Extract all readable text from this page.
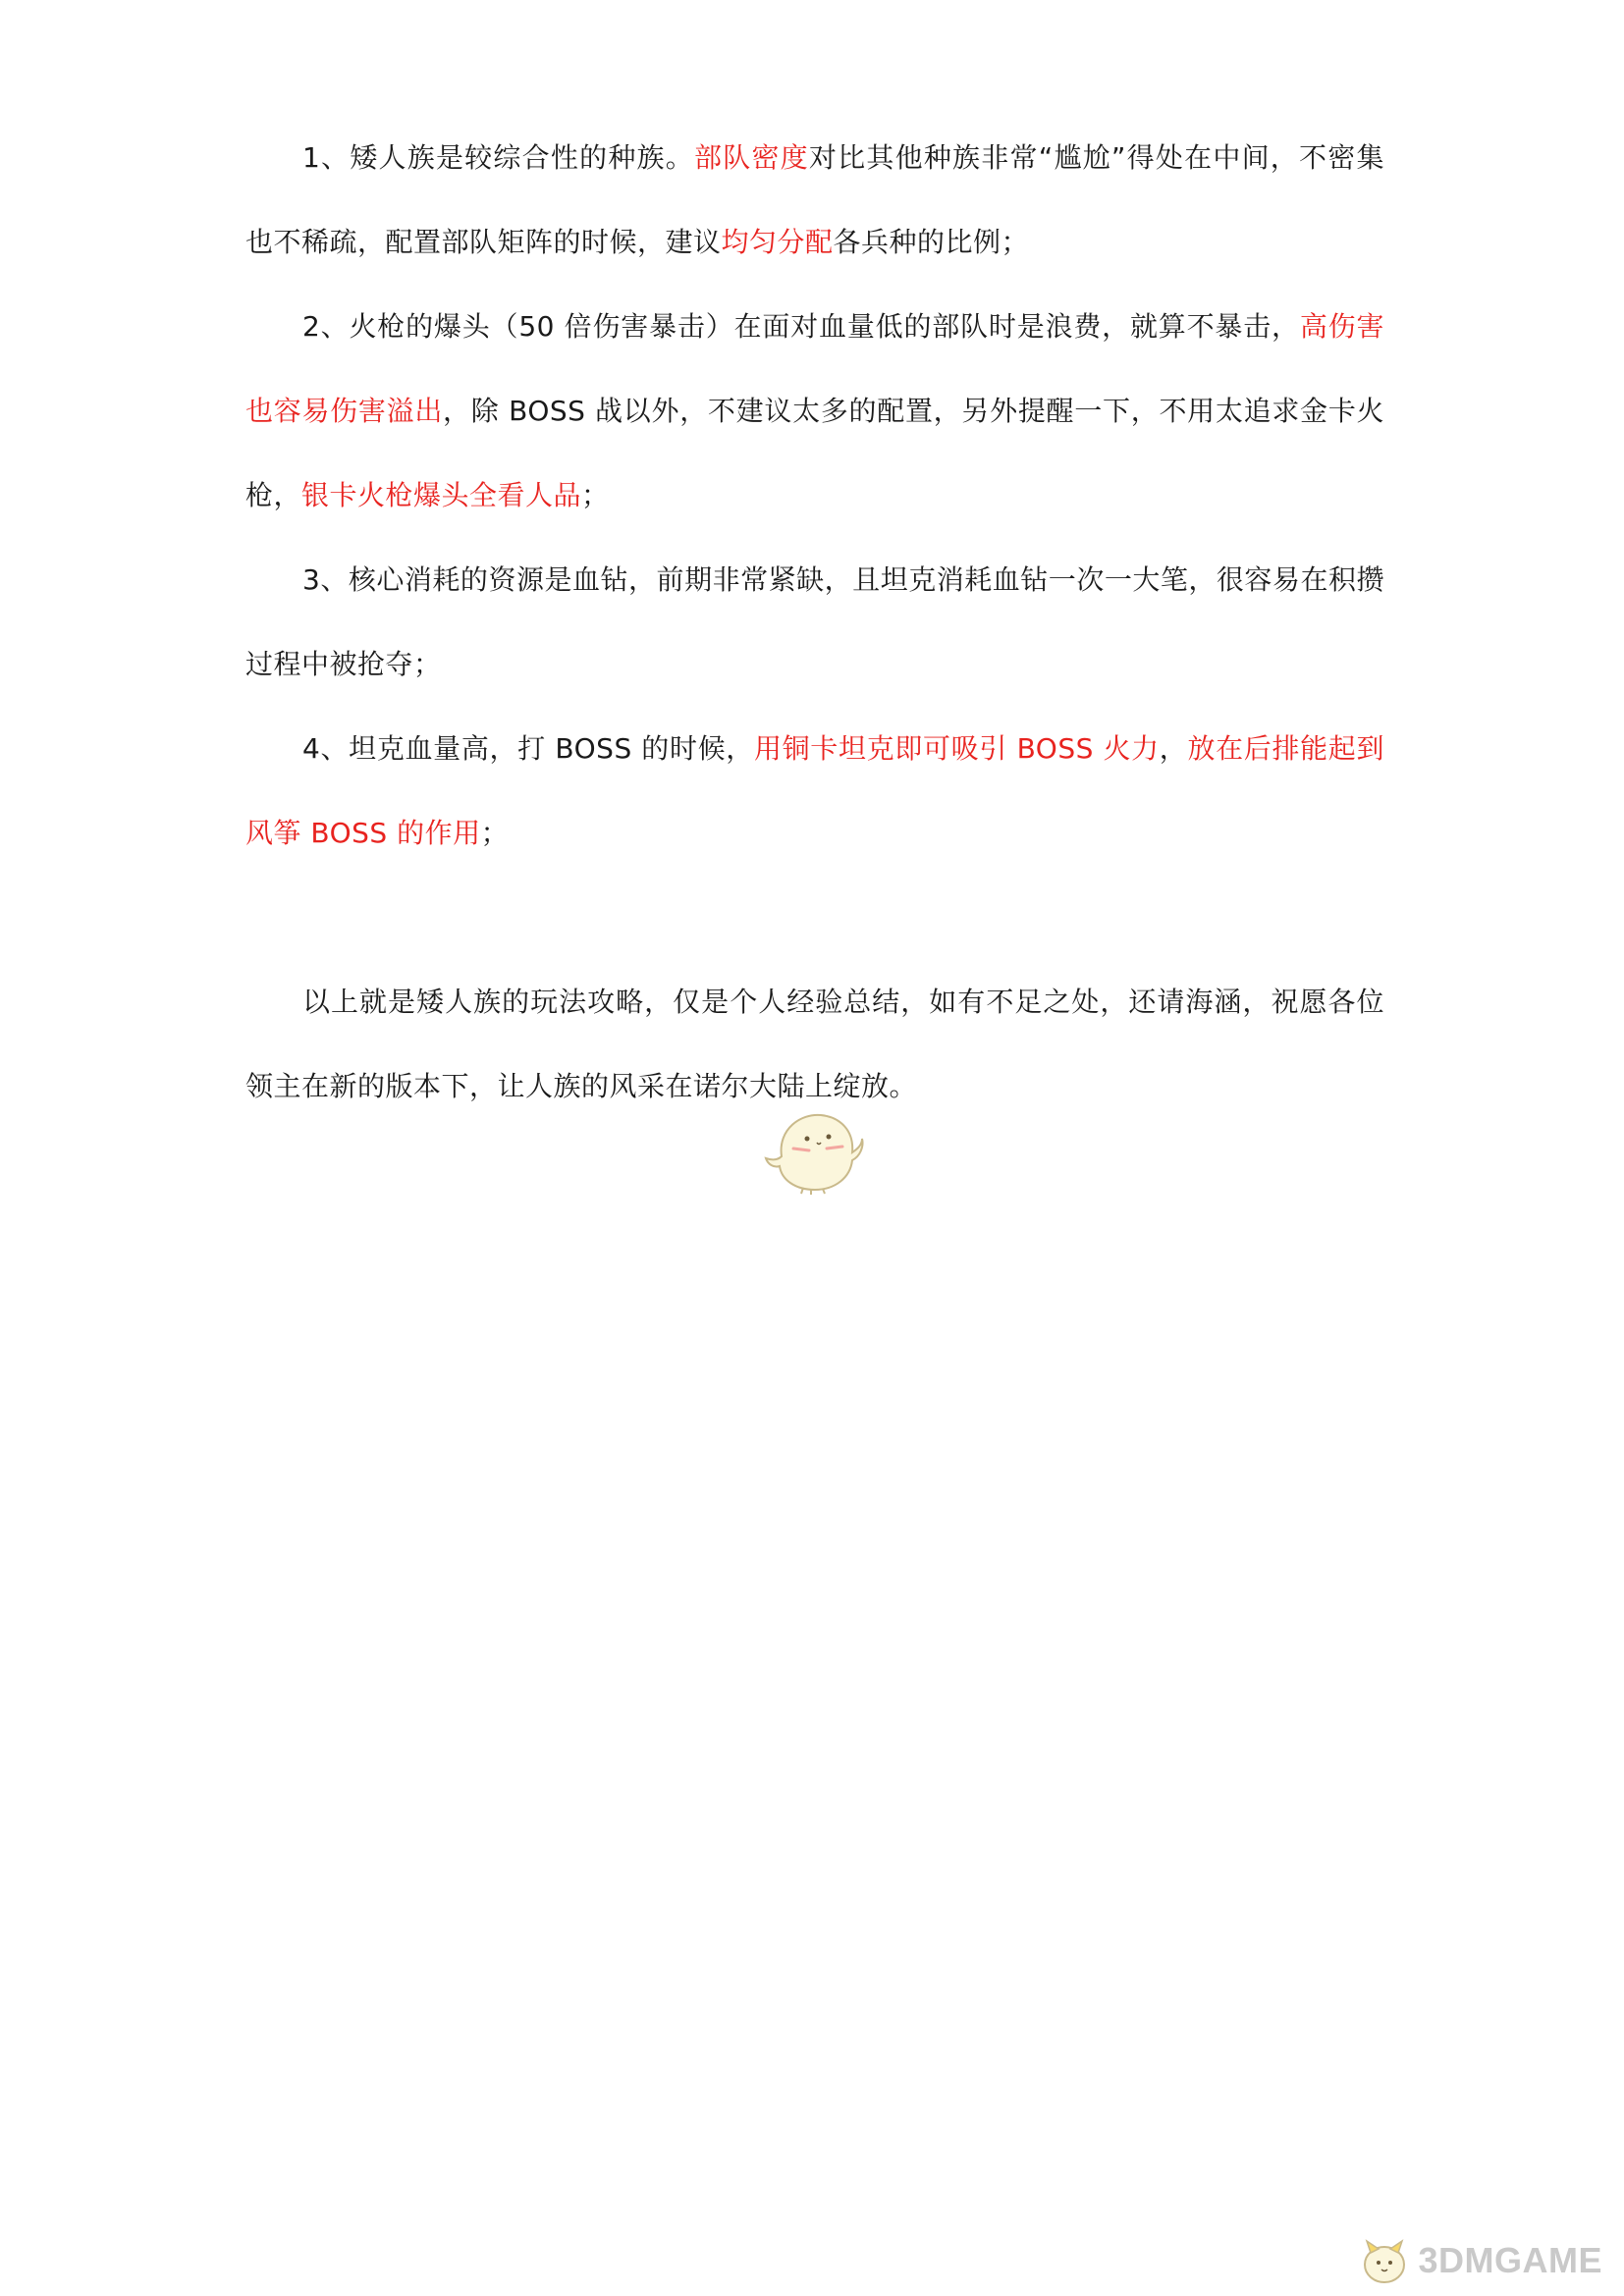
1、矮人族是较综合性的种族。部队密度对比其他种族非常“尴尬”得处在中间，不密集也不稀疏，配置部队矩阵的时候，建议均匀分配各兵种的比例；

2、火枪的爆头（50 倍伤害暴击）在面对血量低的部队时是浪费，就算不暴击，高伤害也容易伤害溢出，除 BOSS 战以外，不建议太多的配置，另外提醒一下，不用太追求金卡火枪，银卡火枪爆头全看人品；

3、核心消耗的资源是血钻，前期非常紧缺，且坦克消耗血钻一次一大笔，很容易在积攒过程中被抢夺；

4、坦克血量高，打 BOSS 的时候，用铜卡坦克即可吸引 BOSS 火力，放在后排能起到风筝 BOSS 的作用；

以上就是矮人族的玩法攻略，仅是个人经验总结，如有不足之处，还请海涵，祝愿各位领主在新的版本下，让人族的风采在诺尔大陆上绽放。

3DMGAME
